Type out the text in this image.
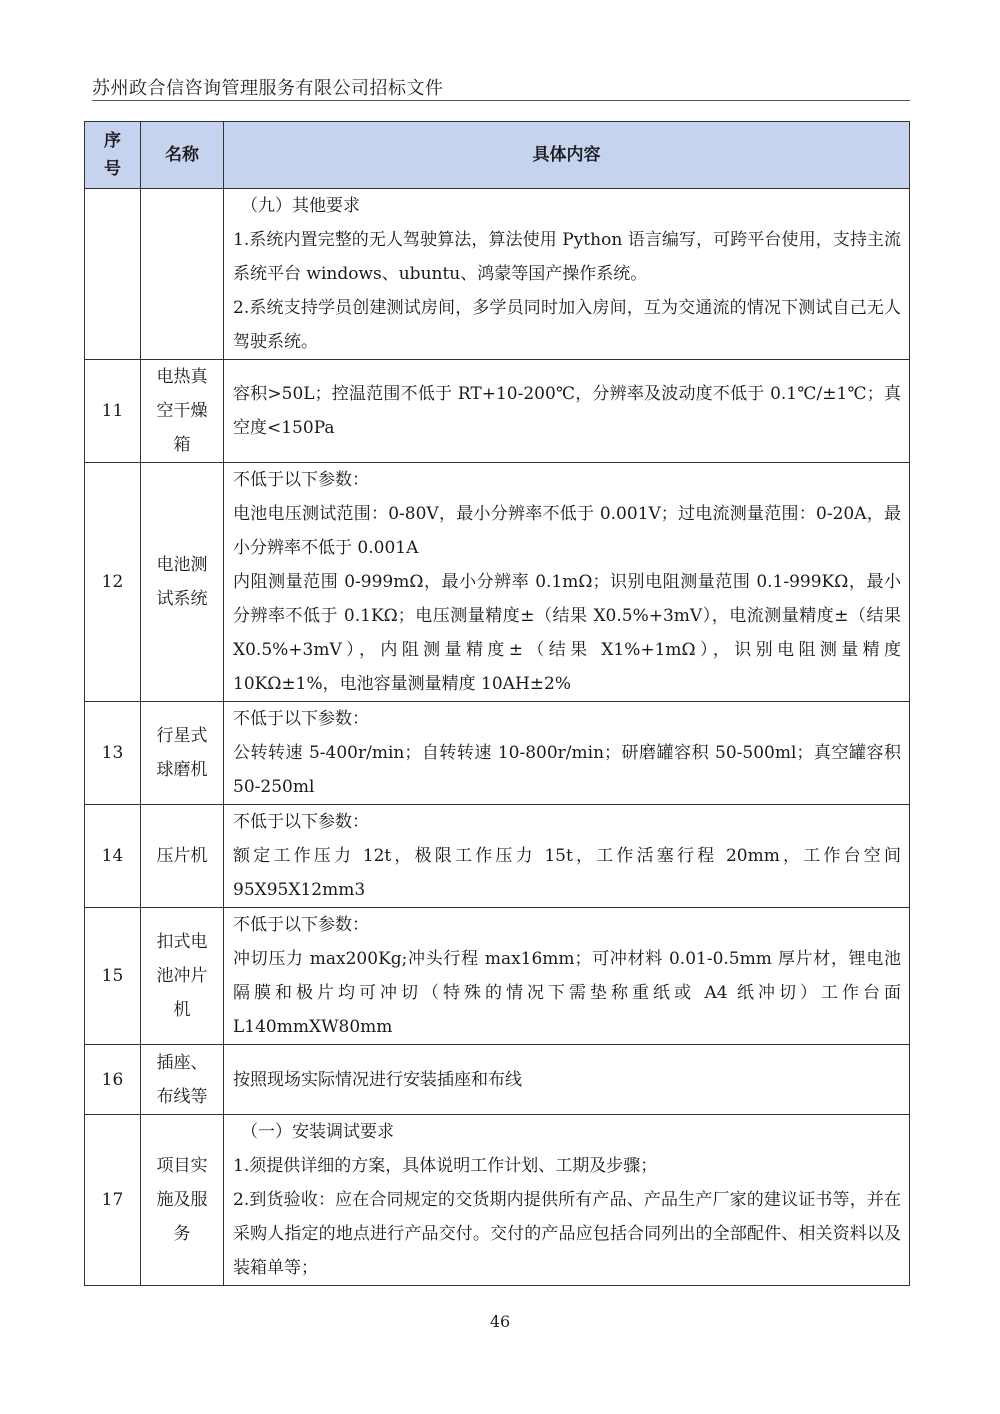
苏州政合信咨询管理服务有限公司招标文件
序号	名称	具体内容

		（九）其他要求
1.系统内置完整的无人驾驶算法，算法使用 Python 语言编写，可跨平台使用，支持主流系统平台 windows、ubuntu、鸿蒙等国产操作系统。
2.系统支持学员创建测试房间，多学员同时加入房间，互为交通流的情况下测试自己无人驾驶系统。

11	电热真空干燥箱	容积>50L；控温范围不低于 RT+10-200℃，分辨率及波动度不低于 0.1℃/±1℃；真空度<150Pa

12	电池测试系统	不低于以下参数：
电池电压测试范围：0-80V，最小分辨率不低于 0.001V；过电流测量范围：0-20A，最小分辨率不低于 0.001A
内阻测量范围 0-999mΩ，最小分辨率 0.1mΩ；识别电阻测量范围 0.1-999KΩ，最小分辨率不低于 0.1KΩ；电压测量精度±（结果 X0.5%+3mV），电流测量精度±（结果 X0.5%+3mV），内阻测量精度±（结果 X1%+1mΩ），识别电阻测量精度 10KΩ±1%，电池容量测量精度 10AH±2%

13	行星式球磨机	不低于以下参数：
公转转速 5-400r/min；自转转速 10-800r/min；研磨罐容积 50-500ml；真空罐容积 50-250ml

14	压片机	不低于以下参数：
额定工作压力 12t，极限工作压力 15t，工作活塞行程 20mm，工作台空间 95X95X12mm3

15	扣式电池冲片机	不低于以下参数：
冲切压力 max200Kg;冲头行程 max16mm；可冲材料 0.01-0.5mm 厚片材，锂电池隔膜和极片均可冲切（特殊的情况下需垫称重纸或 A4 纸冲切）工作台面 L140mmXW80mm

16	插座、布线等	按照现场实际情况进行安装插座和布线

17	项目实施及服务	（一）安装调试要求
1.须提供详细的方案，具体说明工作计划、工期及步骤；
2.到货验收：应在合同规定的交货期内提供所有产品、产品生产厂家的建议证书等，并在采购人指定的地点进行产品交付。交付的产品应包括合同列出的全部配件、相关资料以及装箱单等；
46
